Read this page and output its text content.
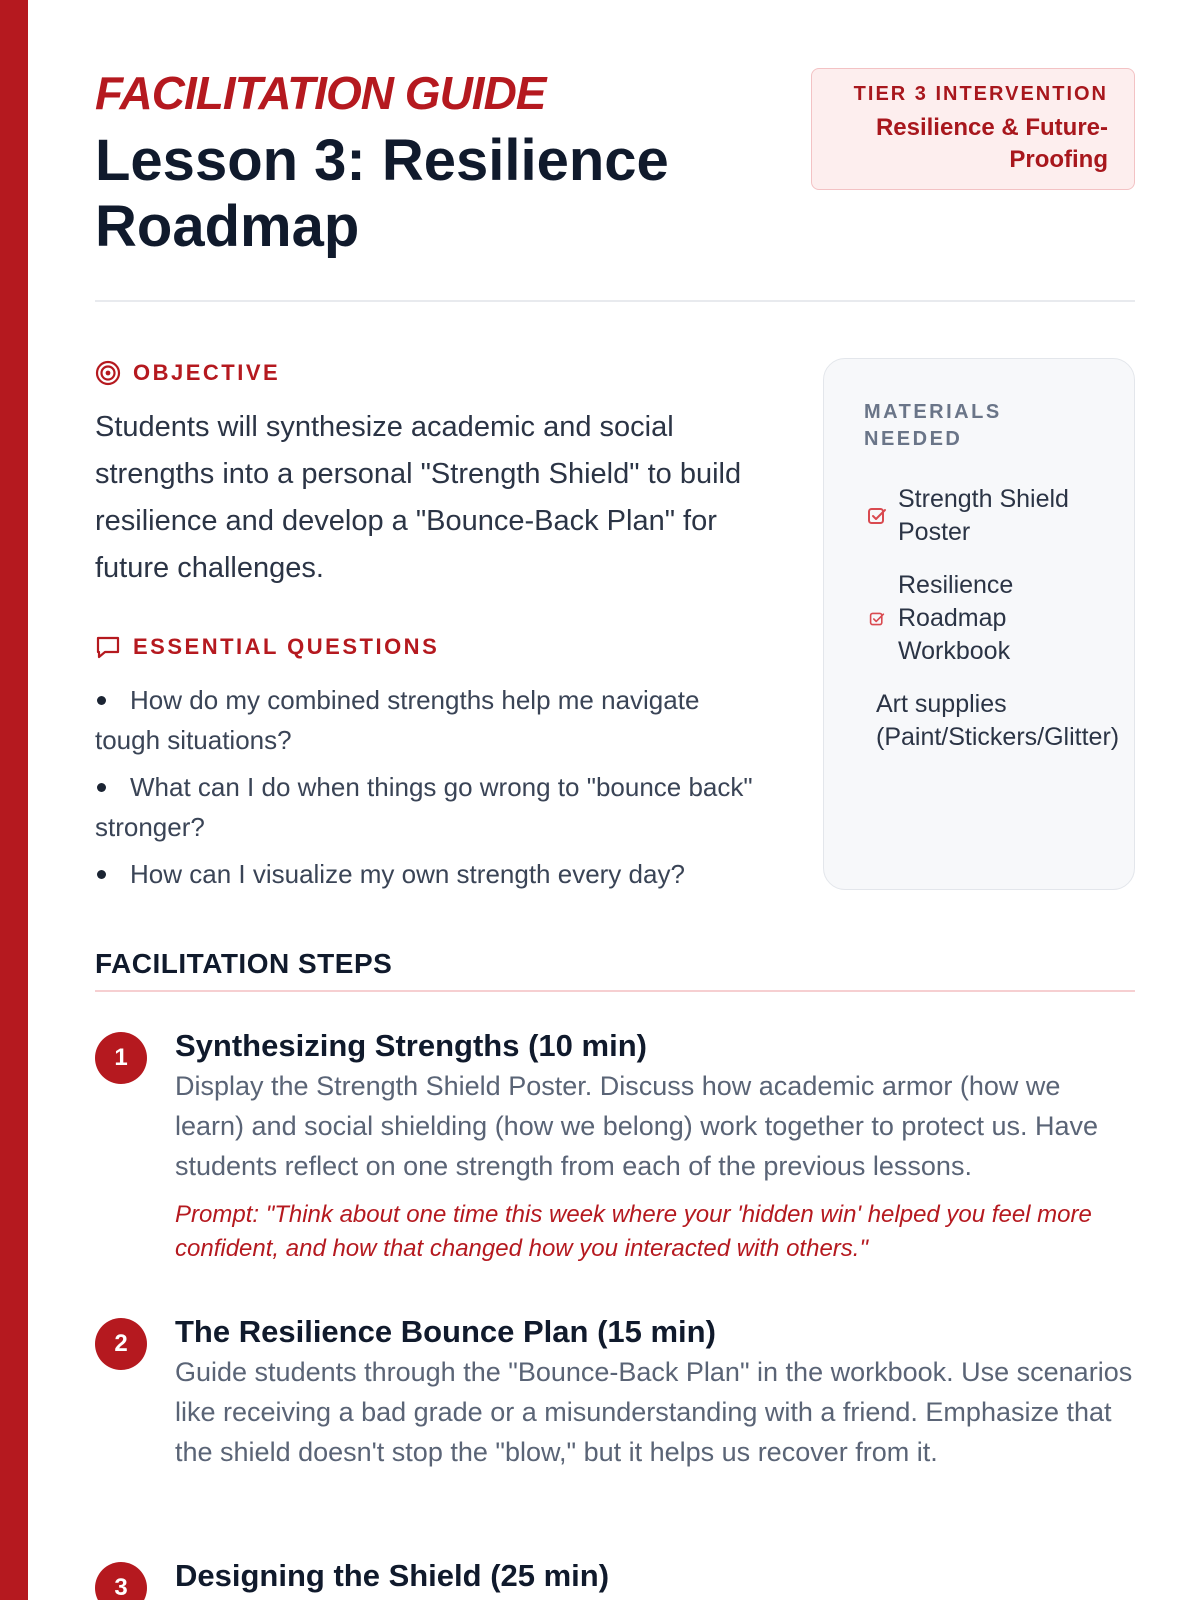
FACILITATION GUIDE
Lesson 3: Resilience Roadmap
TIER 3 INTERVENTION
Resilience & Future-Proofing
OBJECTIVE

Students will synthesize academic and social strengths into a personal "Strength Shield" to build resilience and develop a "Bounce-Back Plan" for future challenges.

ESSENTIAL QUESTIONS
How do my combined strengths help me navigate tough situations?
What can I do when things go wrong to "bounce back" stronger?
How can I visualize my own strength every day?
MATERIALS NEEDED
Strength Shield Poster
Resilience Roadmap Workbook
Art supplies (Paint/Stickers/Glitter)
FACILITATION STEPS
1	Synthesizing Strengths (10 min)
Display the Strength Shield Poster. Discuss how academic armor (how we learn) and social shielding (how we belong) work together to protect us. Have students reflect on one strength from each of the previous lessons.
Prompt: "Think about one time this week where your 'hidden win' helped you feel more confident, and how that changed how you interacted with others."
2	The Resilience Bounce Plan (15 min)
Guide students through the "Bounce-Back Plan" in the workbook. Use scenarios like receiving a bad grade or a misunderstanding with a friend. Emphasize that the shield doesn't stop the "blow," but it helps us recover from it.
3	Designing the Shield (25 min)
